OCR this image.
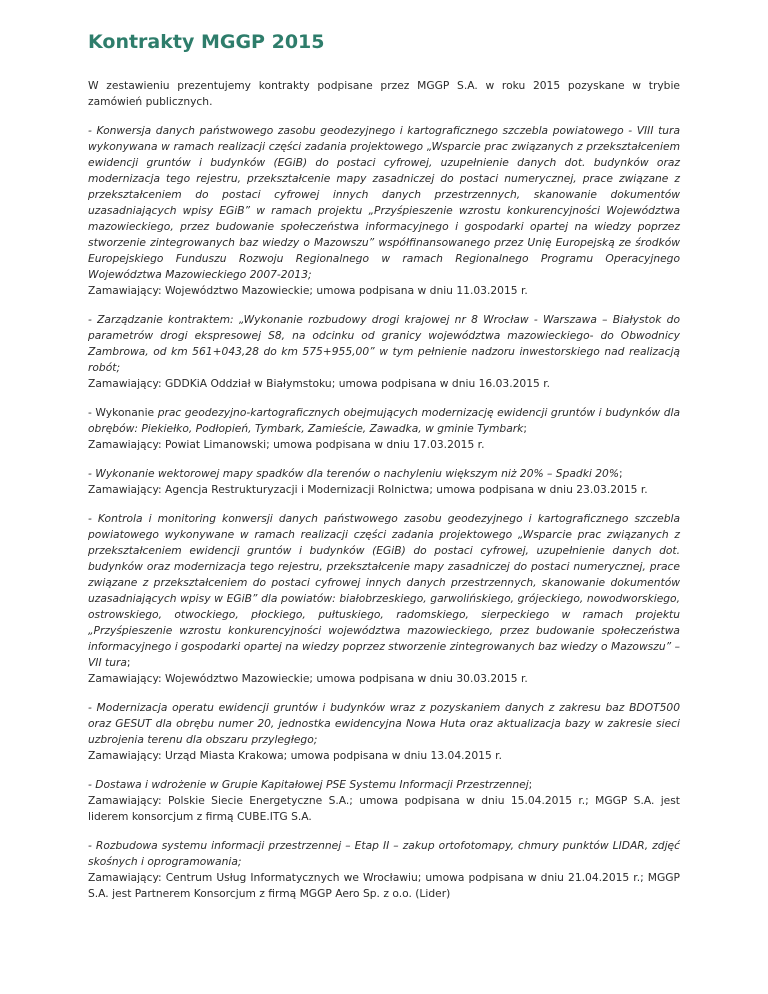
Kontrakty MGGP 2015

W zestawieniu prezentujemy kontrakty podpisane przez MGGP S.A. w roku 2015 pozyskane w trybie zamówień publicznych.

- Konwersja danych państwowego zasobu geodezyjnego i kartograficznego szczebla powiatowego - VIII tura wykonywana w ramach realizacji części zadania projektowego „Wsparcie prac związanych z przekształceniem ewidencji gruntów i budynków (EGiB) do postaci cyfrowej, uzupełnienie danych dot. budynków oraz modernizacja tego rejestru, przekształcenie mapy zasadniczej do postaci numerycznej, prace związane z przekształceniem do postaci cyfrowej innych danych przestrzennych, skanowanie dokumentów uzasadniających wpisy EGiB” w ramach projektu „Przyśpieszenie wzrostu konkurencyjności Województwa mazowieckiego, przez budowanie społeczeństwa informacyjnego i gospodarki opartej na wiedzy poprzez stworzenie zintegrowanych baz wiedzy o Mazowszu” współfinansowanego przez Unię Europejską ze środków Europejskiego Funduszu Rozwoju Regionalnego w ramach Regionalnego Programu Operacyjnego Województwa Mazowieckiego 2007-2013;
Zamawiający: Województwo Mazowieckie; umowa podpisana w dniu 11.03.2015 r.

- Zarządzanie kontraktem: „Wykonanie rozbudowy drogi krajowej nr 8 Wrocław - Warszawa – Białystok do parametrów drogi ekspresowej S8, na odcinku od granicy województwa mazowieckiego- do Obwodnicy Zambrowa, od km 561+043,28 do km 575+955,00” w tym pełnienie nadzoru inwestorskiego nad realizacją robót;
Zamawiający: GDDKiA Oddział w Białymstoku; umowa podpisana w dniu 16.03.2015 r.

- Wykonanie prac geodezyjno-kartograficznych obejmujących modernizację ewidencji gruntów i budynków dla obrębów: Piekiełko, Podłopień, Tymbark, Zamieście, Zawadka, w gminie Tymbark;
Zamawiający: Powiat Limanowski; umowa podpisana w dniu 17.03.2015 r.

- Wykonanie wektorowej mapy spadków dla terenów o nachyleniu większym niż 20% – Spadki 20%;
Zamawiający: Agencja Restrukturyzacji i Modernizacji Rolnictwa; umowa podpisana w dniu 23.03.2015 r.

- Kontrola i monitoring konwersji danych państwowego zasobu geodezyjnego i kartograficznego szczebla powiatowego wykonywane w ramach realizacji części zadania projektowego „Wsparcie prac związanych z przekształceniem ewidencji gruntów i budynków (EGiB) do postaci cyfrowej, uzupełnienie danych dot. budynków oraz modernizacja tego rejestru, przekształcenie mapy zasadniczej do postaci numerycznej, prace związane z przekształceniem do postaci cyfrowej innych danych przestrzennych, skanowanie dokumentów uzasadniających wpisy w EGiB” dla powiatów: białobrzeskiego, garwolińskiego, grójeckiego, nowodworskiego, ostrowskiego, otwockiego, płockiego, pułtuskiego, radomskiego, sierpeckiego w ramach projektu „Przyśpieszenie wzrostu konkurencyjności województwa mazowieckiego, przez budowanie społeczeństwa informacyjnego i gospodarki opartej na wiedzy poprzez stworzenie zintegrowanych baz wiedzy o Mazowszu” – VII tura;
Zamawiający: Województwo Mazowieckie; umowa podpisana w dniu 30.03.2015 r.

- Modernizacja operatu ewidencji gruntów i budynków wraz z pozyskaniem danych z zakresu baz BDOT500 oraz GESUT dla obrębu numer 20, jednostka ewidencyjna Nowa Huta oraz aktualizacja bazy w zakresie sieci uzbrojenia terenu dla obszaru przyległego;
Zamawiający: Urząd Miasta Krakowa; umowa podpisana w dniu 13.04.2015 r.

- Dostawa i wdrożenie w Grupie Kapitałowej PSE Systemu Informacji Przestrzennej;
Zamawiający: Polskie Siecie Energetyczne S.A.; umowa podpisana w dniu 15.04.2015 r.; MGGP S.A. jest liderem konsorcjum z firmą CUBE.ITG S.A.

- Rozbudowa systemu informacji przestrzennej – Etap II – zakup ortofotomapy, chmury punktów LIDAR, zdjęć skośnych i oprogramowania;
Zamawiający: Centrum Usług Informatycznych we Wrocławiu; umowa podpisana w dniu 21.04.2015 r.; MGGP S.A. jest Partnerem Konsorcjum z firmą MGGP Aero Sp. z o.o. (Lider)
